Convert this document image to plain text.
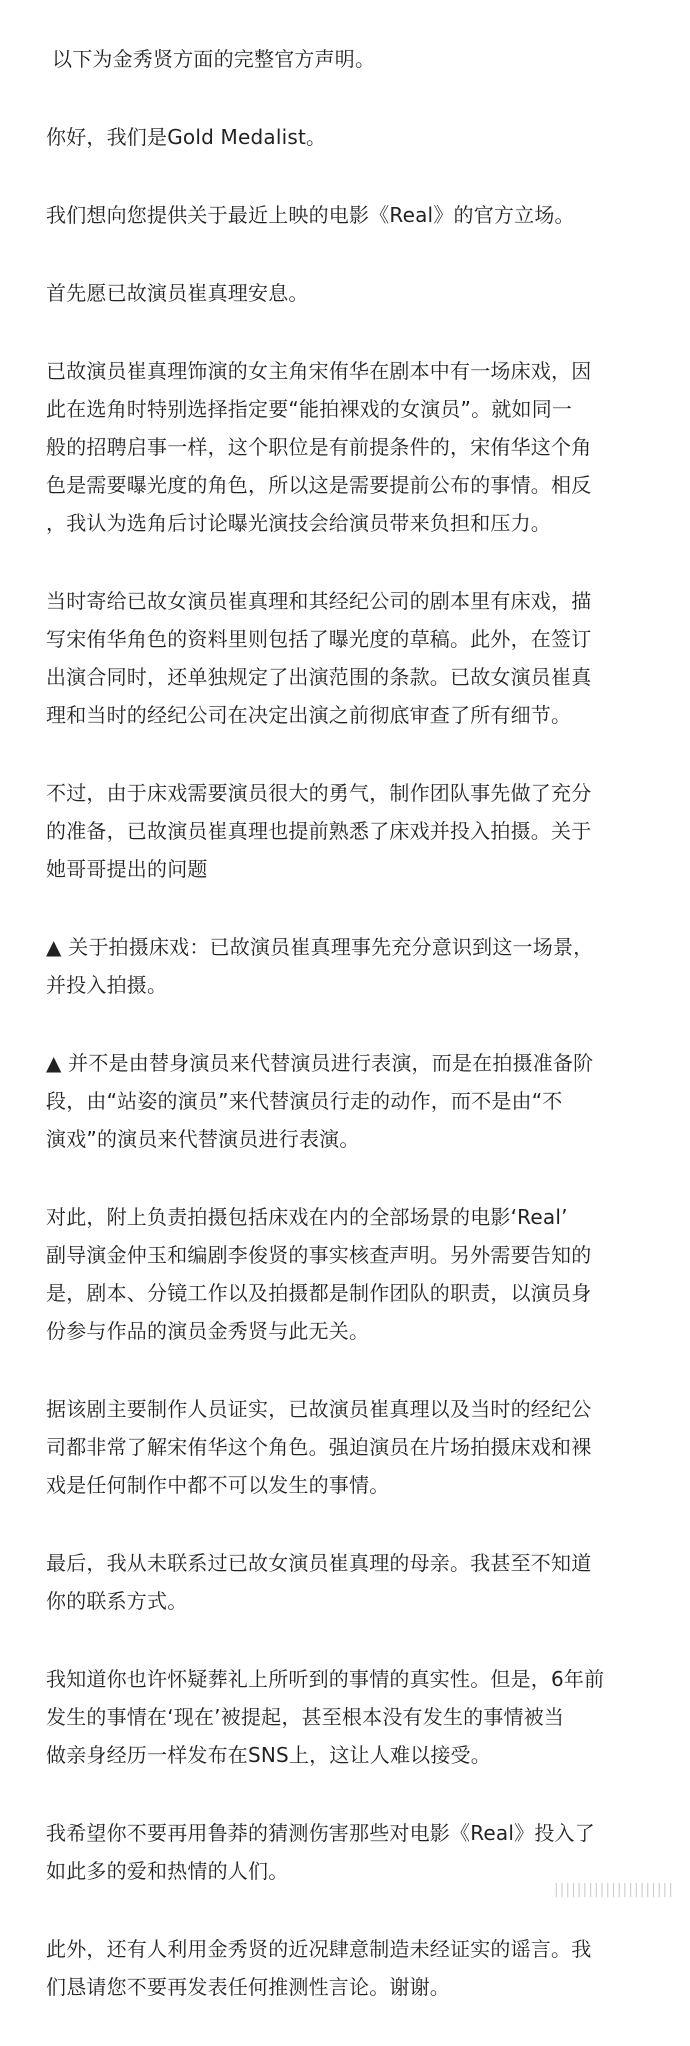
以下为金秀贤方面的完整官方声明。

你好，我们是Gold Medalist。

我们想向您提供关于最近上映的电影《Real》的官方立场。

首先愿已故演员崔真理安息。

已故演员崔真理饰演的女主角宋侑华在剧本中有一场床戏，因
此在选角时特别选择指定要“能拍裸戏的女演员”。就如同一
般的招聘启事一样，这个职位是有前提条件的，宋侑华这个角
色是需要曝光度的角色，所以这是需要提前公布的事情。相反
，我认为选角后讨论曝光演技会给演员带来负担和压力。

当时寄给已故女演员崔真理和其经纪公司的剧本里有床戏，描
写宋侑华角色的资料里则包括了曝光度的草稿。此外，在签订
出演合同时，还单独规定了出演范围的条款。已故女演员崔真
理和当时的经纪公司在决定出演之前彻底审查了所有细节。

不过，由于床戏需要演员很大的勇气，制作团队事先做了充分
的准备，已故演员崔真理也提前熟悉了床戏并投入拍摄。关于
她哥哥提出的问题

▲ 关于拍摄床戏：已故演员崔真理事先充分意识到这一场景，
并投入拍摄。

▲ 并不是由替身演员来代替演员进行表演，而是在拍摄准备阶
段，由“站姿的演员”来代替演员行走的动作，而不是由“不
演戏”的演员来代替演员进行表演。

对此，附上负责拍摄包括床戏在内的全部场景的电影‘Real’
副导演金仲玉和编剧李俊贤的事实核查声明。另外需要告知的
是，剧本、分镜工作以及拍摄都是制作团队的职责，以演员身
份参与作品的演员金秀贤与此无关。

据该剧主要制作人员证实，已故演员崔真理以及当时的经纪公
司都非常了解宋侑华这个角色。强迫演员在片场拍摄床戏和裸
戏是任何制作中都不可以发生的事情。

最后，我从未联系过已故女演员崔真理的母亲。我甚至不知道
你的联系方式。

我知道你也许怀疑葬礼上所听到的事情的真实性。但是，6年前
发生的事情在‘现在’被提起，甚至根本没有发生的事情被当
做亲身经历一样发布在SNS上，这让人难以接受。

我希望你不要再用鲁莽的猜测伤害那些对电影《Real》投入了
如此多的爱和热情的人们。

此外，还有人利用金秀贤的近况肆意制造未经证实的谣言。我
们恳请您不要再发表任何推测性言论。谢谢。

|||||||||||||||||||||
